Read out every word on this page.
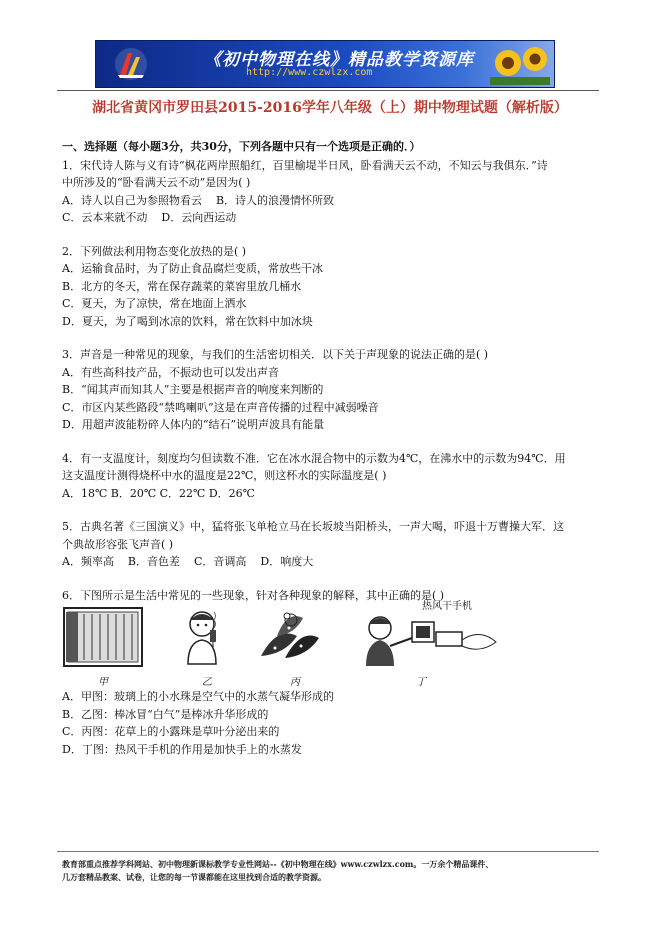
《初中物理在线》精品教学资源库
http://www.czwlzx.com
湖北省黄冈市罗田县2015-2016学年八年级（上）期中物理试题（解析版）
一、选择题（每小题3分，共30分，下列各题中只有一个选项是正确的．）

1．宋代诗人陈与义有诗“枫花两岸照船红，百里榆堤半日风，卧看满天云不动，不知云与我俱东．”诗

中所涉及的“卧看满天云不动”是因为( )

A．诗人以自己为参照物看云 B．诗人的浪漫情怀所致
C．云本来就不动 D．云向西运动

2．下列做法利用物态变化放热的是( )

A．运输食品时，为了防止食品腐烂变质，常放些干冰

B．北方的冬天，常在保存蔬菜的菜窖里放几桶水

C．夏天，为了凉快，常在地面上洒水

D．夏天，为了喝到冰凉的饮料，常在饮料中加冰块

3．声音是一种常见的现象，与我们的生活密切相关．以下关于声现象的说法正确的是( )

A．有些高科技产品，不振动也可以发出声音

B．“闻其声而知其人”主要是根据声音的响度来判断的

C．市区内某些路段“禁鸣喇叭”这是在声音传播的过程中减弱噪音

D．用超声波能粉碎人体内的“结石”说明声波具有能量

4．有一支温度计，刻度均匀但读数不准．它在冰水混合物中的示数为4℃，在沸水中的示数为94℃．用

这支温度计测得烧杯中水的温度是22℃，则这杯水的实际温度是( )

A．18℃ B．20℃ C．22℃ D．26℃

5．古典名著《三国演义》中，猛将张飞单枪立马在长坂坡当阳桥头，一声大喝，吓退十万曹操大军．这

个典故形容张飞声音( )

A．频率高    B．音色差    C．音调高    D．响度大

6．下图所示是生活中常见的一些现象，针对各种现象的解释，其中正确的是( )

热风干手机
甲	乙	丙	丁

A．甲图：玻璃上的小水珠是空气中的水蒸气凝华形成的

B．乙图：棒冰冒“白气”是棒冰升华形成的

C．丙图：花草上的小露珠是草叶分泌出来的

D．丁图：热风干手机的作用是加快手上的水蒸发

教育部重点推荐学科网站、初中物理新课标教学专业性网站--《初中物理在线》www.czwlzx.com。一万余个精品课件、
几万套精品教案、试卷，让您的每一节课都能在这里找到合适的教学资源。
